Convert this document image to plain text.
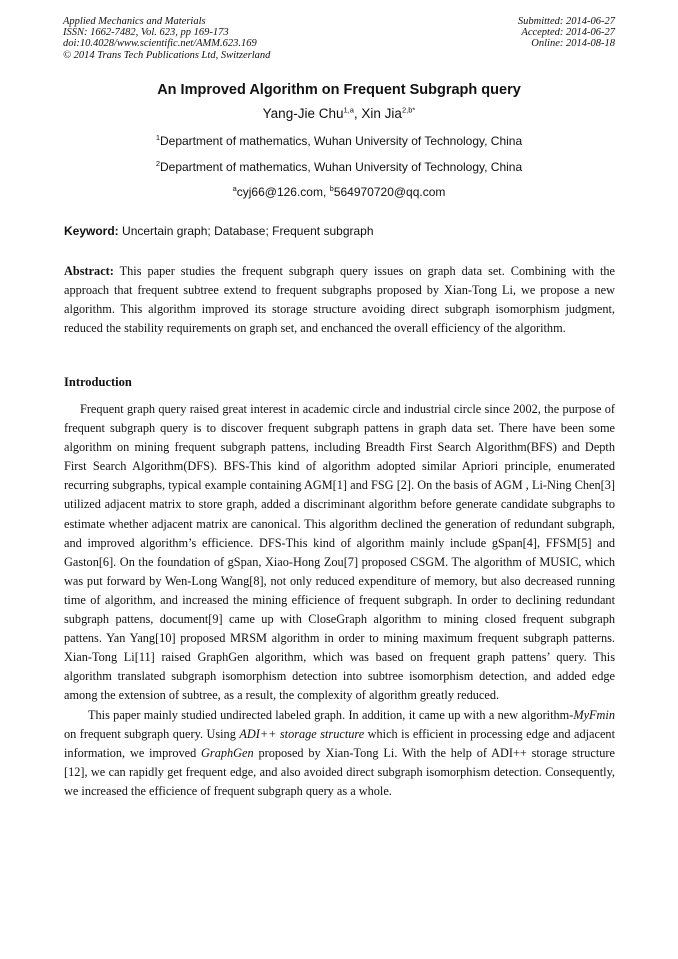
Applied Mechanics and Materials
ISSN: 1662-7482, Vol. 623, pp 169-173
doi:10.4028/www.scientific.net/AMM.623.169
© 2014 Trans Tech Publications Ltd, Switzerland
Submitted: 2014-06-27
Accepted: 2014-06-27
Online: 2014-08-18
An Improved Algorithm on Frequent Subgraph query
Yang-Jie Chu$^{1,a}$, Xin Jia$^{2,b*}$
$^1$Department of mathematics, Wuhan University of Technology, China
$^2$Department of mathematics, Wuhan University of Technology, China
$^a$cyj66@126.com, $^b$564970720@qq.com
Keyword: Uncertain graph; Database; Frequent subgraph
Abstract: This paper studies the frequent subgraph query issues on graph data set. Combining with the approach that frequent subtree extend to frequent subgraphs proposed by Xian-Tong Li, we propose a new algorithm. This algorithm improved its storage structure avoiding direct subgraph isomorphism judgment, reduced the stability requirements on graph set, and enchanced the overall efficiency of the algorithm.
Introduction

Frequent graph query raised great interest in academic circle and industrial circle since 2002, the purpose of frequent subgraph query is to discover frequent subgraph pattens in graph data set. There have been some algorithm on mining frequent subgraph pattens, including Breadth First Search Algorithm(BFS) and Depth First Search Algorithm(DFS). BFS-This kind of algorithm adopted similar Apriori principle, enumerated recurring subgraphs, typical example containing AGM[1] and FSG [2]. On the basis of AGM , Li-Ning Chen[3] utilized adjacent matrix to store graph, added a discriminant algorithm before generate candidate subgraphs to estimate whether adjacent matrix are canonical. This algorithm declined the generation of redundant subgraph, and improved algorithm’s efficience. DFS-This kind of algorithm mainly include gSpan[4], FFSM[5] and Gaston[6]. On the foundation of gSpan, Xiao-Hong Zou[7] proposed CSGM. The algorithm of MUSIC, which was put forward by Wen-Long Wang[8], not only reduced expenditure of memory, but also decreased running time of algorithm, and increased the mining efficience of frequent subgraph. In order to declining redundant subgraph pattens, document[9] came up with CloseGraph algorithm to mining closed frequent subgraph pattens. Yan Yang[10] proposed MRSM algorithm in order to mining maximum frequent subgraph patterns. Xian-Tong Li[11] raised GraphGen algorithm, which was based on frequent graph pattens’ query. This algorithm translated subgraph isomorphism detection into subtree isomorphism detection, and added edge among the extension of subtree, as a result, the complexity of algorithm greatly reduced.

This paper mainly studied undirected labeled graph. In addition, it came up with a new algorithm-MyFmin on frequent subgraph query. Using ADI++ storage structure which is efficient in processing edge and adjacent information, we improved GraphGen proposed by Xian-Tong Li. With the help of ADI++ storage structure [12], we can rapidly get frequent edge, and also avoided direct subgraph isomorphism detection. Consequently, we increased the efficience of frequent subgraph query as a whole.
